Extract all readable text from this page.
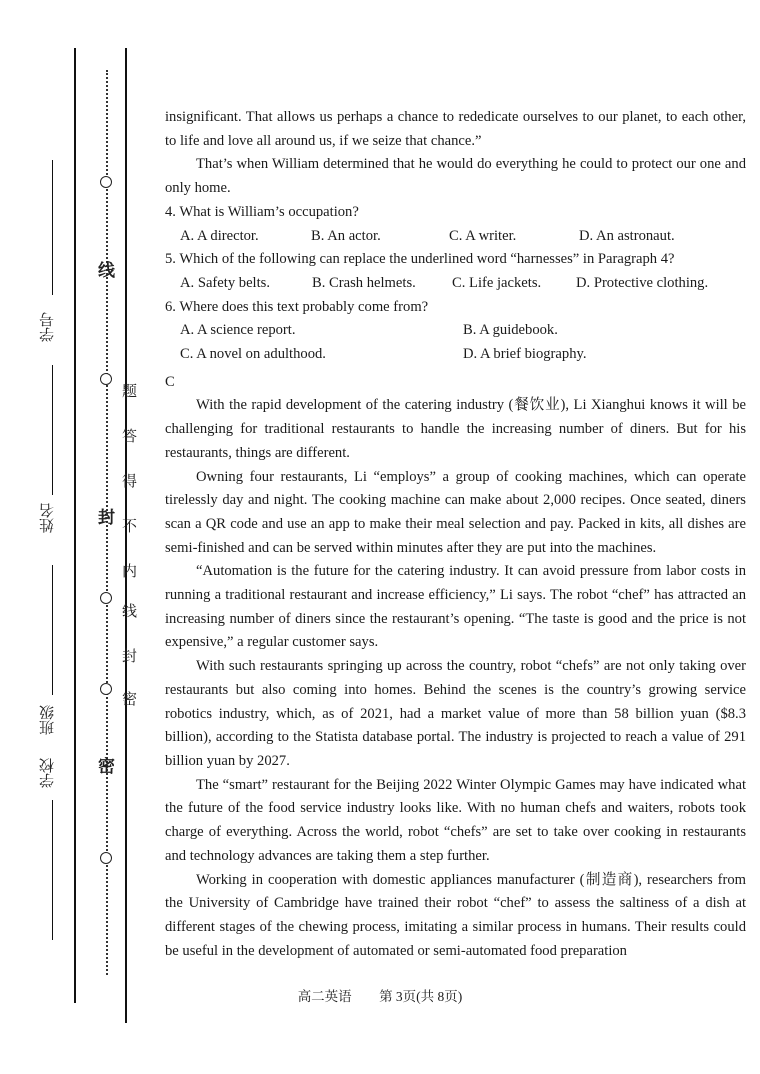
学号
姓名
班级
学校
线
封
密
题
答
得
不
内
线
封
密

insignificant. That allows us perhaps a chance to rededicate ourselves to our planet, to each other, to life and love all around us, if we seize that chance.”

That’s when William determined that he would do everything he could to protect our one and only home.

4. What is William’s occupation?

A. A director.	B. An actor.	C. A writer.	D. An astronaut.

5. Which of the following can replace the underlined word “harnesses” in Paragraph 4?

A. Safety belts.	B. Crash helmets.	C. Life jackets.	D. Protective clothing.

6. Where does this text probably come from?

A. A science report.	B. A guidebook.
C. A novel on adulthood.	D. A brief biography.

C

With the rapid development of the catering industry (餐饮业), Li Xianghui knows it will be challenging for traditional restaurants to handle the increasing number of diners. But for his restaurants, things are different.

Owning four restaurants, Li “employs” a group of cooking machines, which can operate tirelessly day and night. The cooking machine can make about 2,000 recipes. Once seated, diners scan a QR code and use an app to make their meal selection and pay. Packed in kits, all dishes are semi-finished and can be served within minutes after they are put into the machines.

“Automation is the future for the catering industry. It can avoid pressure from labor costs in running a traditional restaurant and increase efficiency,” Li says. The robot “chef” has attracted an increasing number of diners since the restaurant’s opening. “The taste is good and the price is not expensive,” a regular customer says.

With such restaurants springing up across the country, robot “chefs” are not only taking over restaurants but also coming into homes. Behind the scenes is the country’s growing service robotics industry, which, as of 2021, had a market value of more than 58 billion yuan ($8.3 billion), according to the Statista database portal. The industry is projected to reach a value of 291 billion yuan by 2027.

The “smart” restaurant for the Beijing 2022 Winter Olympic Games may have indicated what the future of the food service industry looks like. With no human chefs and waiters, robots took charge of everything. Across the world, robot “chefs” are set to take over cooking in restaurants and technology advances are taking them a step further.

Working in cooperation with domestic appliances manufacturer (制造商), researchers from the University of Cambridge have trained their robot “chef” to assess the saltiness of a dish at different stages of the chewing process, imitating a similar process in humans. Their results could be useful in the development of automated or semi-automated food preparation

高二英语 第 3页(共 8页)
